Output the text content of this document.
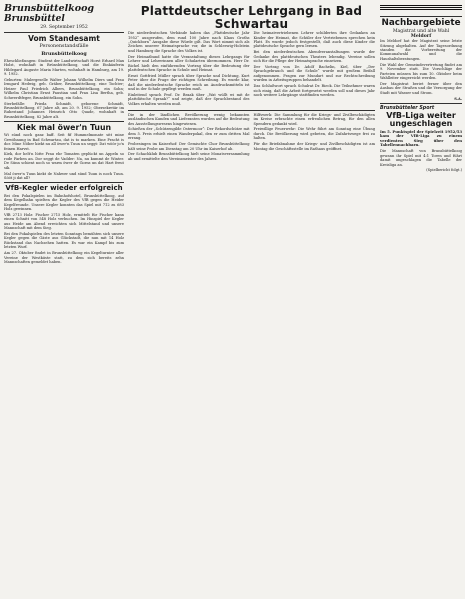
Brunsbüttelkoog
Brunsbüttel
29. September 1952
Vom Standesamt
Personenstandsfälle
Brunsbüttelkoog

Eheschließungen: Student der Landwirtschaft Horst Erhard Max Holst, wohnhaft in Brünsbüttelkoog, und die Einkäuferin Hildegard Auguste Maria Marten, wohnhaft in Hamburg, am 19. 9. 1952.

Geburten: Malergeselle Walter Johann Wilhelm Diers und Frau Irmgard Hedwig, geb. Gräber, Brunsbüttelkoog, eine Tochter; Heizer Paul Friedrich Albers, Brunsbüttelkoog, ein Sohn; Wilhelm Christian Ernst Paustian und Frau Lisa Bertha, geb. Schwerdtfeger, Brunsbüttelkoog, ein Sohn.

Sterbefälle: Frieda Schmidt, geborene Schmidt, Brunsbüttelkoog, 67 Jahre alt, am 20. 9. 1952; Obersekretär im Ruhestand Johannes Heinrich Otto Quade, wohnhaft in Brunsbüttelkoog, 82 Jahre alt.

Kiek mal öwer'n Tuun

Wi sünd noch ganz baff. Seit fif Hummelmonate sitt mine Gewöhnung in Bad Schwartau, dat is to marken. Eine Pracht is dor. Mine Nöber kiekt nu all öwer'n Tuun un seggt: Dat wöör jo'n feinen Harvst.

Kiek, dor helt'n lütte Frau ehr Tomaten geplückt un Appeln so rode Farben an. Dor seggt de Vadder: Na, nu kummt de Winter. De Sünn schient noch so warm öwer de Gorns un dat Hart freut sik.

Mal öwer'n Tuun kiekt de Nahwer und sünd Tuun is noch Tuun. Sööt ji dat all?

VfB-Kegler wieder erfolgreich

Bei den Pokalspielen im Bahnhofshotel, Brunsbüttelkoog, auf dem Kegelbahn spielten die Kegler des VfB gegen die Heider Kegelfreunde. Unsere Kegler konnten das Spiel mit 712 zu 683 Holz gewinnen.

VfB 2713 Holz: Fischer 2715 Holz, ermittelt für Fischer kann einen Schnitt von 548 Holz verbuchen. Im Hinspiel der Kegler aus Heide am Abend erreichten sich Mittelstand und unsere Mannschaft mit dem Sieg.

Bei den Pokalspielen des letzten Sonntags bemühten sich unsere Kegler gegen die Gäste aus Glückstadt, die nun mit 14 Holz Rückstand das Nachsehen hatten. Es war ein Kampf bis zum letzten Wurf.

Am 27. Oktober findet in Brunsbüttelkoog ein Kegelturnier aller Vereine der Westküste statt, zu dem sich bereits zehn Mannschaften gemeldet haben.

Plattdeutscher Lehrgang in Bad Schwartau

Die niederdeutschen Verbände haben das „Plattdeutsche Jahr 1952“ ausgerufen, dem rund 100 Jahre nach Klaus Groths „Quickborn“ Ausgabe diese Würde gilt. Das Wort nimmt sich als Zeichen unserer Heimatsprache vor, die in Schleswig-Holstein und Hamburg die Sprache des Volkes ist.

Der Heimatbund hatte die Veranstaltung dieses Lehrgangs für Lehrer und Lehrerinnen aller Schularten übernommen. Herr Dr. Bichel hielt den einführenden Vortrag über die Bedeutung der plattdeutschen Sprache in Schule und Heimat.

Ernst Gottfried Müller sprach über Sprache und Dichtung, Kurt Peter über die Frage der richtigen Schreibung. Es wurde klar, daß die niederdeutsche Sprache reich an Ausdrucksmitteln ist und in der Schule gepflegt werden muß.

Einleitend sprach Prof. Dr. Braak über „Wat wüllt wi mit de plattdütsche Spraak?“ und zeigte, daß der Sprachbestand des Volkes erhalten werden muß.

Die heimatvertriebenen Lehrer schilderten ihre Gedanken an Kinder der Heimat, die Schüler der Vertriebenen sprechen kein Platt. Es wurde jedoch festgestellt, daß auch diese Kinder die plattdeutsche Sprache gern lernen.

Bei den niederdeutschen Abendveranstaltungen wurde der Gedanke des plattdeutschen Theaters lebendig. Vereine sollen sich für die Pflege der Heimatsprache einsetzen.

Der Vortrag von Dr. Adolf Bachelin, Kiel, über „Der Sprachgebrauch und die Schule“ wurde mit großem Beifall aufgenommen. Fragen zur Mundart und zur Rechtschreibung wurden in Arbeitsgruppen behandelt.

Das Schlußwort sprach Schulrat Dr. Rieck. Die Teilnehmer waren sich einig, daß die Arbeit fortgesetzt werden soll und dieses Jahr noch weitere Lehrgänge stattfinden werden.

Die in der ländlichen Bevölkerung wenig bekannten ausländischen Kunden und Lieferanten wurden auf die Bedeutung des Ausstellungswesens hingewiesen.

Schießen der „Schützengilde Ostermoor“: Der Rekordschütze mit dem 5. Preis erhielt einen Wanderpokal, den er zum dritten Mal errang.

Probesingen im Kaiserhof: Der Gemischte Chor Brunsbüttelkoog hält seine Probe am Dienstag um 20 Uhr im Kaiserhof ab.

Der Schachklub Brunsbüttelkoog hielt seine Monatsversammlung ab und ermittelte den Vereinsmeister des Jahres.

Hilfswerk: Die Sammlung für die Kriegs- und Zivilbeschädigten im Kreise erbrachte einen erfreulichen Betrag, für den allen Spendern gedankt wird.

Freiwillige Feuerwehr: Die Wehr führt am Sonntag eine Übung durch. Die Bevölkerung wird gebeten, die Zufahrtswege frei zu halten.

Für die Briefabnahme der Kriegs- und Zivilbeschädigten ist am Montag die Geschäftsstelle im Rathaus geöffnet.

Nachbargebiete
Magistrat und alte Wahl
Meldorf

Im Meldorf hat der Magistrat seine letzte Sitzung abgehalten. Auf der Tagesordnung standen die Vorbereitung der Kommunalwahl und die Haushaltsberatungen.

Die Wahl der Gemeindevertretung findet am 9. November statt. Die Vorschläge der Parteien müssen bis zum 10. Oktober beim Wahlleiter eingereicht werden.

Der Magistrat beriet ferner über den Ausbau der Straßen und die Versorgung der Stadt mit Wasser und Strom.

S.A.

Brunsbütteler Sport
VfB-Liga weiter ungeschlagen

Im 5. Punktspiel der Spielzeit 1952/53 kam der VfB-Liga zu einem verdienten Sieg über den Tabellennachbarn.

Die Mannschaft von Brunsbüttelkoog gewann ihr Spiel mit 4:1 Toren und führt damit ungeschlagen die Tabelle der Kreisliga an.

(Spielbericht folgt.)
